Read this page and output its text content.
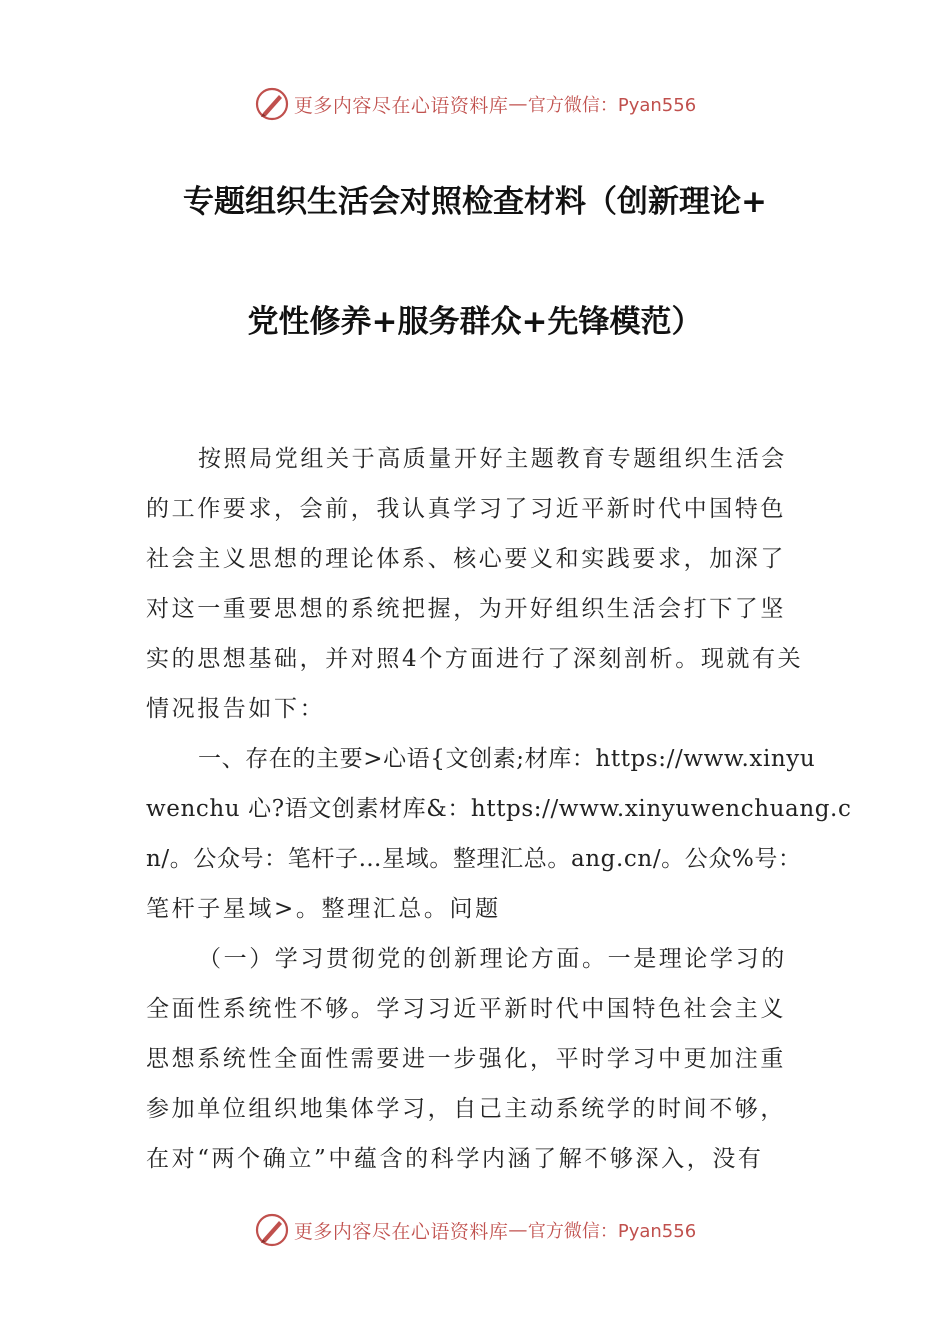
更多内容尽在心语资料库 — 官方微信：Pyan556
专题组织生活会对照检查材料（创新理论+
党性修养+服务群众+先锋模范）
按照局党组关于高质量开好主题教育专题组织生活会
的工作要求，会前，我认真学习了习近平新时代中国特色
社会主义思想的理论体系、核心要义和实践要求，加深了
对这一重要思想的系统把握，为开好组织生活会打下了坚
实的思想基础，并对照4个方面进行了深刻剖析。现就有关
情况报告如下：
一、存在的主要>心语{文创素;材库：https://www.xinyu
wenchu 心?语文创素材库&：https://www.xinyuwenchuang.c
n/。公众号：笔杆子…星域。整理汇总。ang.cn/。公众%号：
笔杆子星域>。整理汇总。问题
（一）学习贯彻党的创新理论方面。一是理论学习的
全面性系统性不够。学习习近平新时代中国特色社会主义
思想系统性全面性需要进一步强化，平时学习中更加注重
参加单位组织地集体学习，自己主动系统学的时间不够，
在对“两个确立”中蕴含的科学内涵了解不够深入，没有
更多内容尽在心语资料库 — 官方微信：Pyan556
